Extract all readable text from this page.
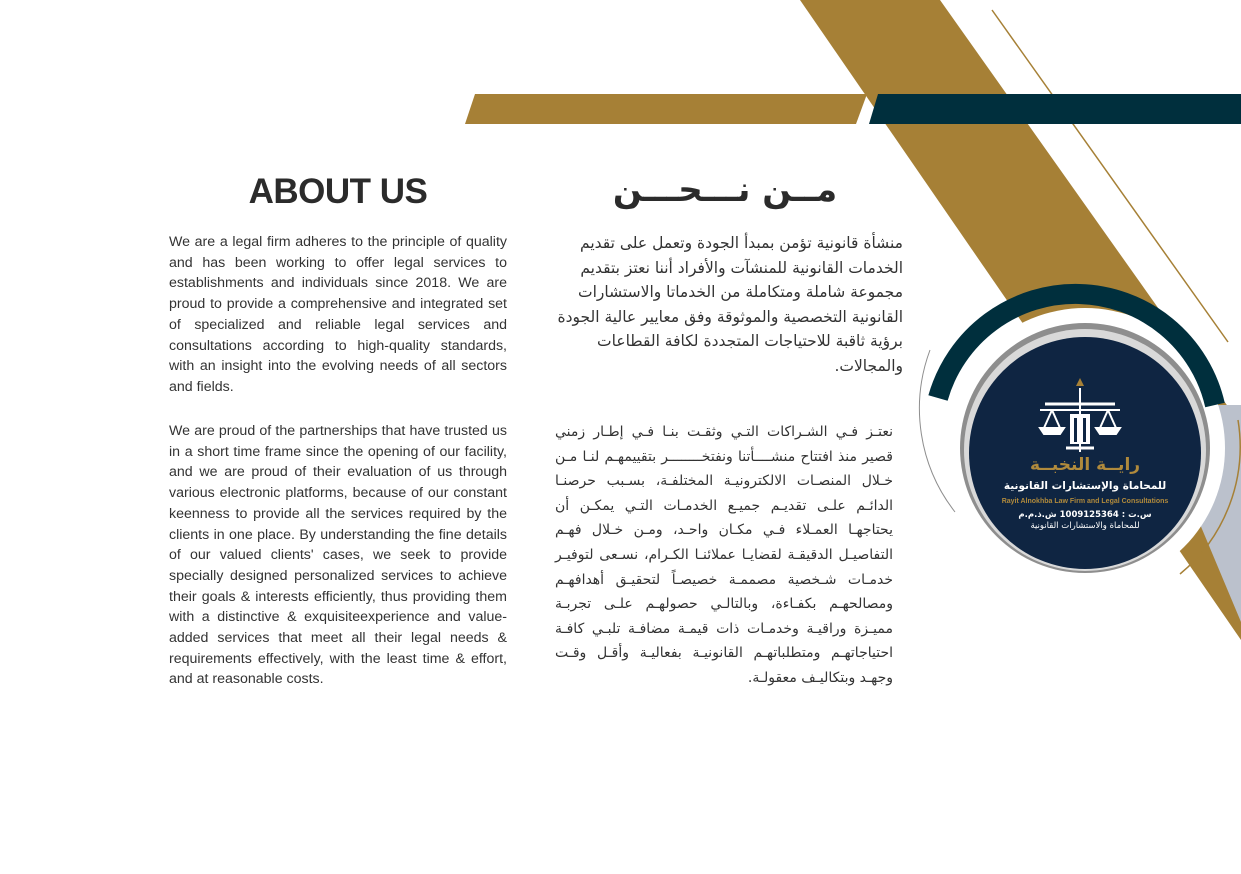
ABOUT US	مــن نـــحـــن

We are a legal firm adheres to the principle of quality and has been working to offer legal services to establishments and individuals since 2018. We are proud to provide a comprehensive and integrated set of specialized and reliable legal services and consultations according to high-quality standards, with an insight into the evolving needs of all sectors and fields.

We are proud of the partnerships that have trusted us in a short time frame since the opening of our facility, and we are proud of their evaluation of us through various electronic platforms, because of our constant keenness to provide all the services required by the clients in one place. By understanding the fine details of our valued clients' cases, we seek to provide specially designed personalized services to achieve their goals & interests efficiently, thus providing them with a distinctive & exquisiteexperience and value-added services that meet all their legal needs & requirements effectively, with the least time & effort, and at reasonable costs.

منشأة قانونية تؤمن بمبدأ الجودة وتعمل على تقديم الخدمات القانونية للمنشآت والأفراد أننا نعتز بتقديم مجموعة شاملة ومتكاملة من الخدماتا والاستشارات القانونية التخصصية والموثوقة وفق معايير عالية الجودة برؤية ثاقبة للاحتياجات المتجددة لكافة القطاعات والمجالات.

نعتـز فـي الشـراكات التـي وثقـت بنـا فـي إطـار زمني قصير منذ افتتاح منشــــأتنا ونفتخــــــــر بتقييمهـم لنـا مـن خـلال المنصـات الالكترونيـة المختلفـة، بسـبب حرصنـا الدائـم علـى تقديـم جميـع الخدمـات التـي يمكـن أن يحتاجهـا العمـلاء فـي مكـان واحـد، ومـن خـلال فهـم التفاصيـل الدقيقـة لقضايـا عملائنـا الكـرام، نسـعى لتوفيـر خدمـات شـخصية مصممـة خصيصـاً لتحقيـق أهدافهـم ومصالحهـم بكفـاءة، وبالتالـي حصولهـم علـى تجربـة مميـزة وراقيـة وخدمـات ذات قيمـة مضافـة تلبـي كافـة احتياجاتهـم ومتطلباتهـم القانونيـة بفعاليـة وأقـل وقـت وجهـد وبتكاليـف معقولـة.

رايــة النخبــة
للمحاماة والإستشارات القانونية
Rayit Alnokhba Law Firm and Legal Consultations
س.ت : 1009125364 ش.ذ.م.م
للمحاماة والاستشارات القانونية
